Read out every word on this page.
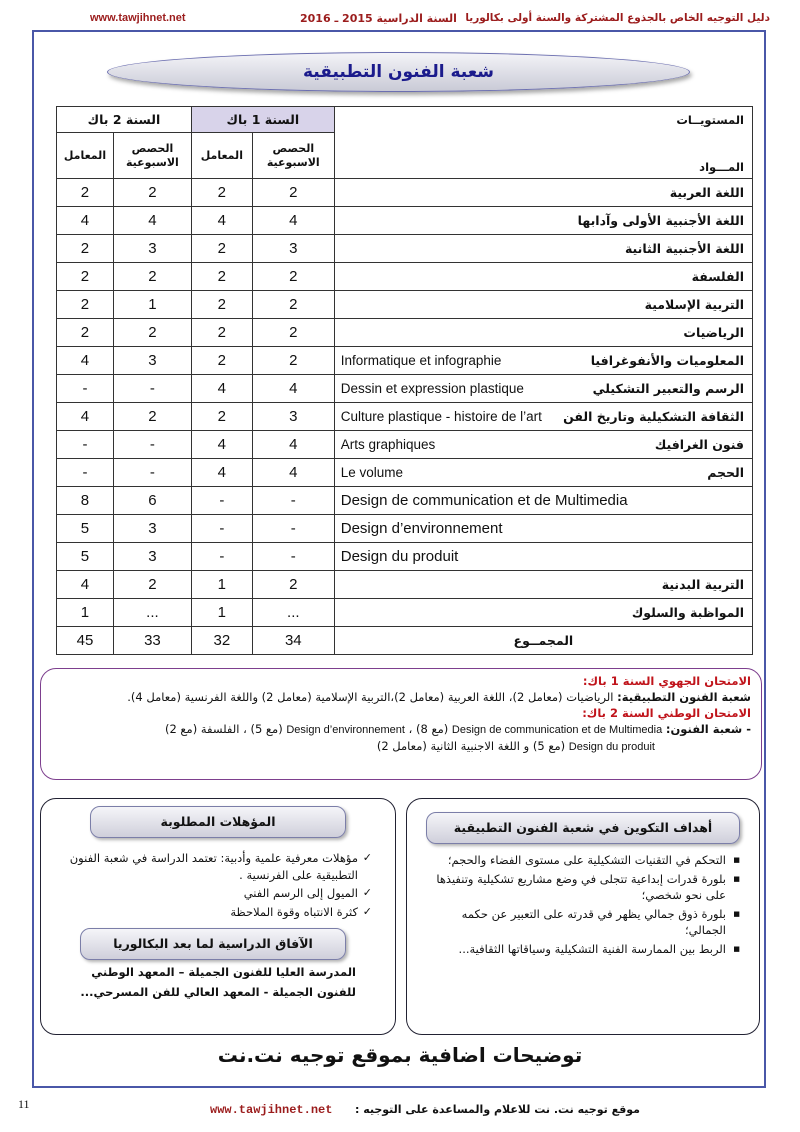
www.tawjihnet.net	السنة الدراسية 2015 ـ 2016 دليل التوجيه الخاص بالجذوع المشتركة والسنة أولى بكالوريا
شعبة الفنون التطبيقية
السنة 2 باك		السنة 1 باك		المستويــات
المـــواد

المعامل	الحصص الاسبوعية	المعامل	الحصص الاسبوعية	
2	2	2	2	اللغة العربية

4	4	4	4	اللغة الأجنبية الأولى وآدابها

2	3	2	3	اللغة الأجنبية الثانية

2	2	2	2	الفلسفة

2	1	2	2	التربية الإسلامية

2	2	2	2	الرياضيات

4	3	2	2	المعلوميات والأنفوغرافيا
Informatique et infographie

-	-	4	4	الرسم والتعبير التشكيلي
Dessin et expression plastique

4	2	2	3	الثقافة التشكيلية وتاريخ الفن
Culture plastique - histoire de l’art

-	-	4	4	فنون الغرافيك
Arts graphiques

-	-	4	4	الحجم
Le volume

8	6	-	-	Design de communication et de Multimedia
5	3	-	-	Design d’environnement
5	3	-	-	Design du produit
4	2	1	2	التربية البدنية
1	...	1	...	المواظبة والسلوك
45	33	32	34	المجمــوع
الامتحان الجهوي السنة 1 باك:
شعبة الفنون التطبيقية: الرياضيات (معامل 2)، اللغة العربية (معامل 2)،التربية الإسلامية (معامل 2) واللغة الفرنسية (معامل 4).
الامتحان الوطني السنة 2 باك:
- شعبة الفنون: Design de communication et de Multimedia (مع 8) ، Design d’environnement (مع 5) ، الفلسفة (مع 2)
Design du produit (مع 5) و اللغة الاجنبية الثانية (معامل 2)
أهداف التكوين في شعبة الفنون التطبيقية
■ التحكم في التقنيات التشكيلية على مستوى الفضاء والحجم؛
■ بلورة قدرات إبداعية تتجلى في وضع مشاريع تشكيلية وتنفيذها على نحو شخصي؛
■ بلورة ذوق جمالي يظهر في قدرته على التعبير عن حكمه الجمالي؛
■ الربط بين الممارسة الفنية التشكيلية وسياقاتها الثقافية...
المؤهلات المطلوبة
✓ مؤهلات معرفية علمية وأدبية: تعتمد الدراسة في شعبة الفنون التطبيقية على الفرنسية .
✓ الميول إلى الرسم الفني
✓ كثرة الانتباه وقوة الملاحظة
الآفاق الدراسية لما بعد البكالوريا
المدرسة العليا للفنون الجميلة – المعهد الوطني للفنون الجميلة - المعهد العالي للفن المسرحي...
توضيحات اضافية بموقع توجيه نت.نت
11	www.tawjihnet.net موقع توجيه نت. نت للاعلام والمساعدة على التوجيه :
